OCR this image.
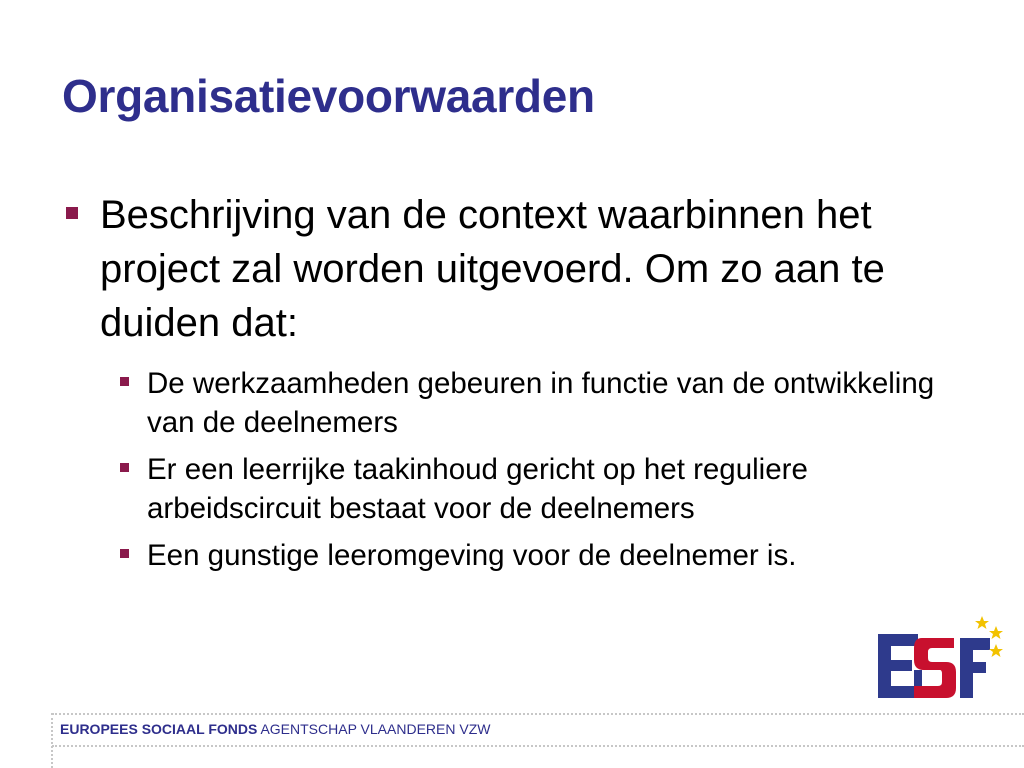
Organisatievoorwaarden
Beschrijving van de context waarbinnen het project zal worden uitgevoerd. Om zo aan te duiden dat:
De werkzaamheden gebeuren in functie van de ontwikkeling van de deelnemers
Er een leerrijke taakinhoud gericht op het reguliere arbeidscircuit bestaat voor de deelnemers
Een gunstige leeromgeving voor de deelnemer is.
EUROPEES SOCIAAL FONDS AGENTSCHAP VLAANDEREN VZW
